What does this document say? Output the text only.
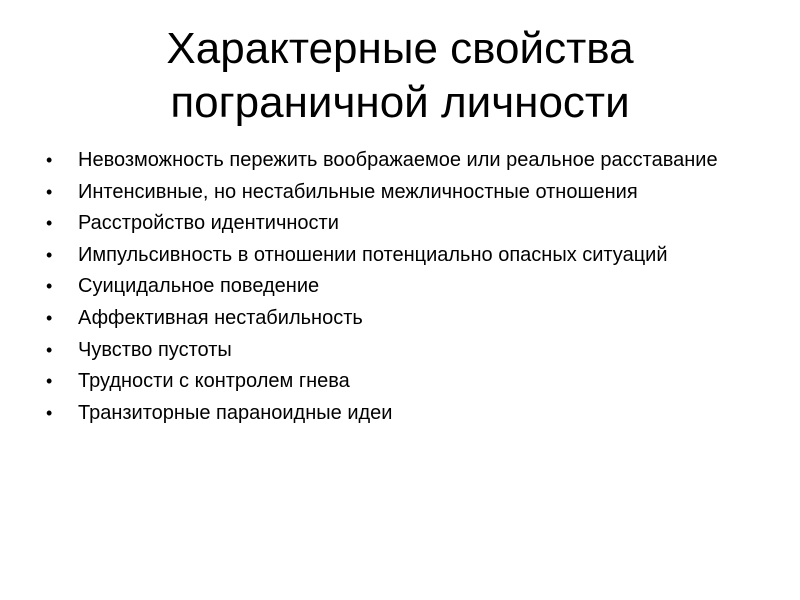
Характерные свойства
пограничной личности
• Невозможность пережить воображаемое или реальное расставание
• Интенсивные, но нестабильные межличностные отношения
• Расстройство идентичности
• Импульсивность в отношении потенциально опасных ситуаций
• Суицидальное поведение
• Аффективная нестабильность
• Чувство пустоты
• Трудности с контролем гнева
• Транзиторные параноидные идеи
